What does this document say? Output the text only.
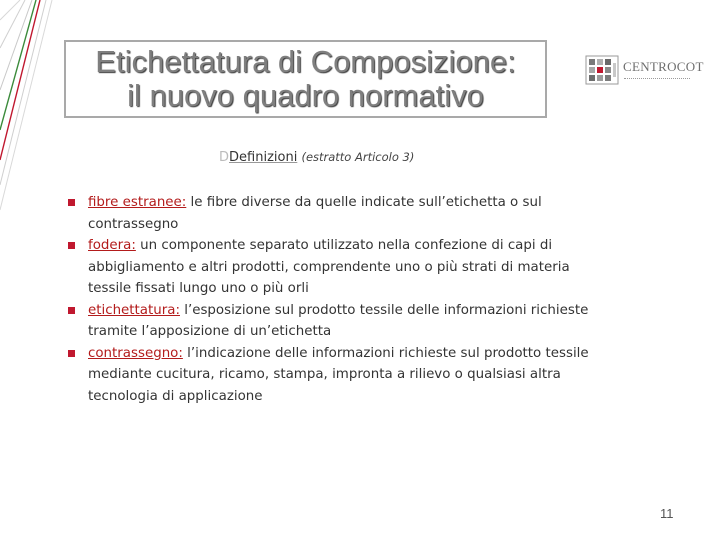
Etichettatura di Composizione:
il nuovo quadro normativo
CENTROCOT
DDefinizioni (estratto Articolo 3)
fibre estranee: le fibre diverse da quelle indicate sull’etichetta o sul contrassegno
fodera: un componente separato utilizzato nella confezione di capi di abbigliamento e altri prodotti, comprendente uno o più strati di materia tessile fissati lungo uno o più orli
etichettatura: l’esposizione sul prodotto tessile delle informazioni richieste tramite l’apposizione di un’etichetta
contrassegno: l’indicazione delle informazioni richieste sul prodotto tessile mediante cucitura, ricamo, stampa, impronta a rilievo o qualsiasi altra tecnologia di applicazione
11
